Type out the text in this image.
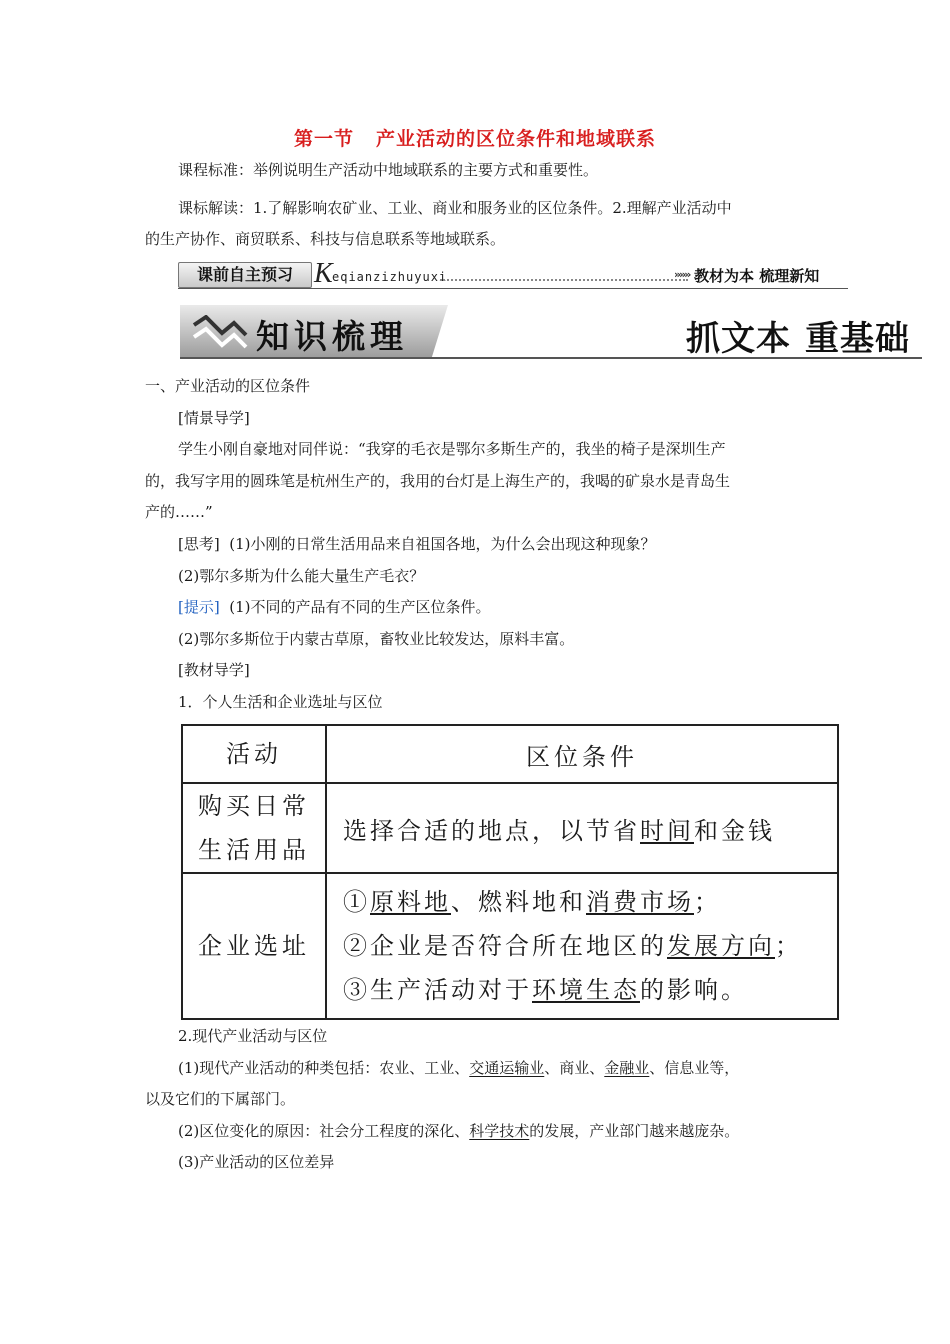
第一节 产业活动的区位条件和地域联系
课程标准：举例说明生产活动中地域联系的主要方式和重要性。
课标解读：1.了解影响农矿业、工业、商业和服务业的区位条件。2.理解产业活动中
的生产协作、商贸联系、科技与信息联系等地域联系。
课前自主预习 K eqianzizhuyuxi	»»» 教材为本 梳理新知
知识梳理	抓文本 重基础
一、产业活动的区位条件
[情景导学]
学生小刚自豪地对同伴说：“我穿的毛衣是鄂尔多斯生产的，我坐的椅子是深圳生产
的，我写字用的圆珠笔是杭州生产的，我用的台灯是上海生产的，我喝的矿泉水是青岛生
产的……”
[思考] (1)小刚的日常生活用品来自祖国各地，为什么会出现这种现象？
(2)鄂尔多斯为什么能大量生产毛衣？
[提示] (1)不同的产品有不同的生产区位条件。
(2)鄂尔多斯位于内蒙古草原，畜牧业比较发达，原料丰富。
[教材导学]
1．个人生活和企业选址与区位
活动	区位条件

购买日常
生活用品	选择合适的地点，以节省时间和金钱
企业选址	①原料地、燃料地和消费市场；
②企业是否符合所在地区的发展方向；
③生产活动对于环境生态的影响。
2.现代产业活动与区位
(1)现代产业活动的种类包括：农业、工业、交通运输业、商业、金融业、信息业等，
以及它们的下属部门。
(2)区位变化的原因：社会分工程度的深化、科学技术的发展，产业部门越来越庞杂。
(3)产业活动的区位差异
